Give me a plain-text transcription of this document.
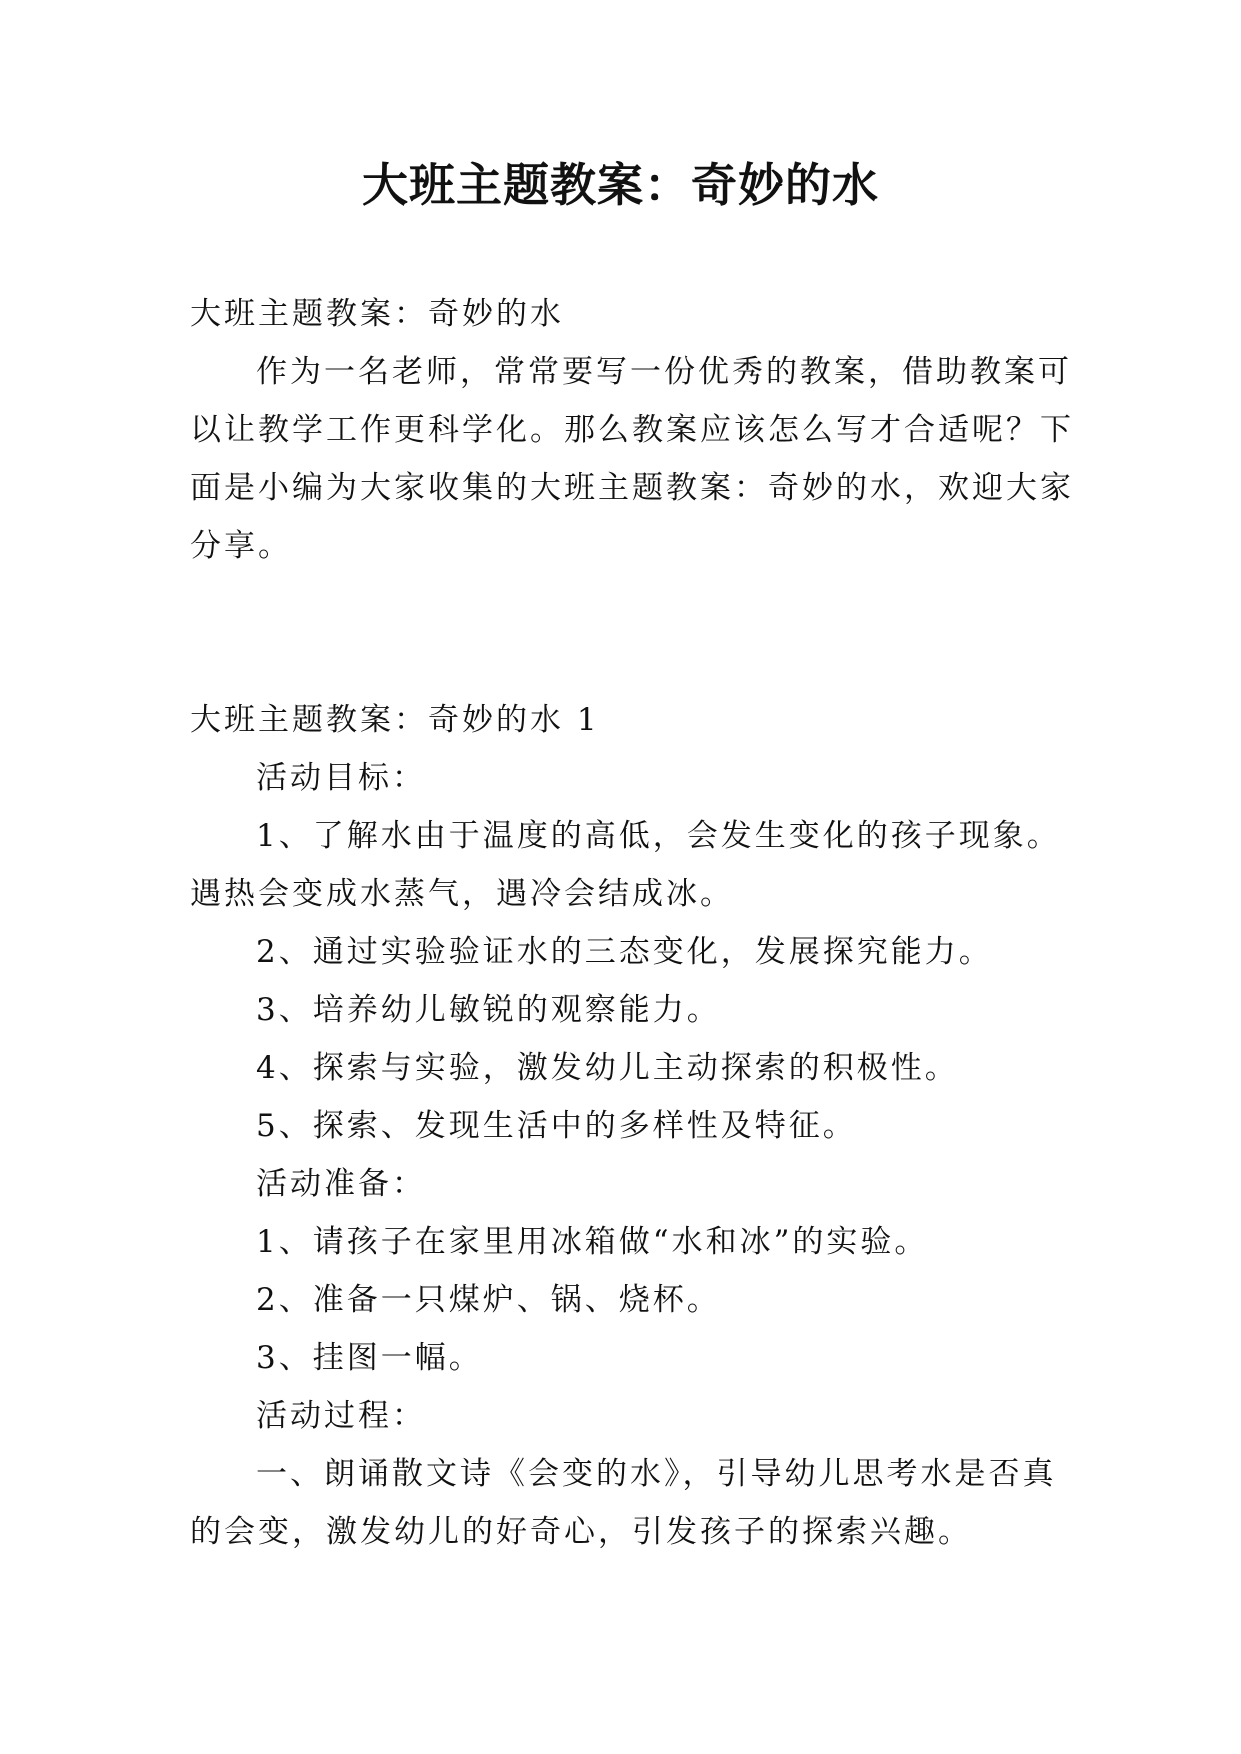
大班主题教案：奇妙的水

大班主题教案：奇妙的水

作为一名老师，常常要写一份优秀的教案，借助教案可

以让教学工作更科学化。那么教案应该怎么写才合适呢？下

面是小编为大家收集的大班主题教案：奇妙的水，欢迎大家

分享。

大班主题教案：奇妙的水 1

活动目标：

1、了解水由于温度的高低，会发生变化的孩子现象。

遇热会变成水蒸气，遇冷会结成冰。

2、通过实验验证水的三态变化，发展探究能力。

3、培养幼儿敏锐的观察能力。

4、探索与实验，激发幼儿主动探索的积极性。

5、探索、发现生活中的多样性及特征。

活动准备：

1、请孩子在家里用冰箱做“水和冰”的实验。

2、准备一只煤炉、锅、烧杯。

3、挂图一幅。

活动过程：

一、朗诵散文诗《会变的水》，引导幼儿思考水是否真

的会变，激发幼儿的好奇心，引发孩子的探索兴趣。
